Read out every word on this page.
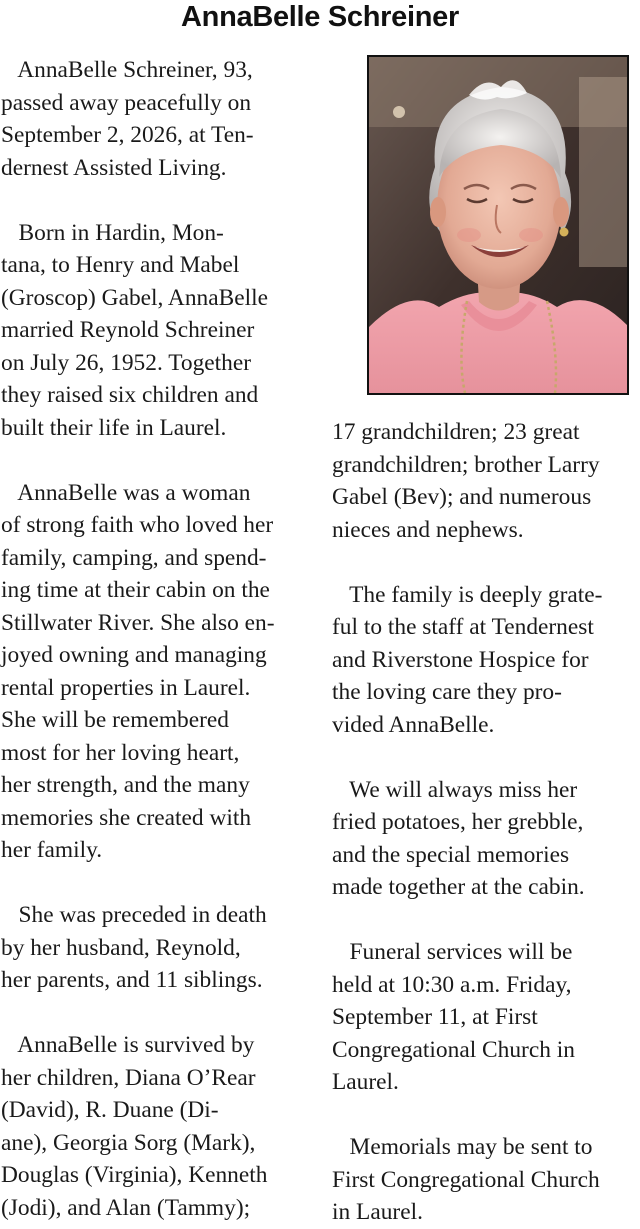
AnnaBelle Schreiner
AnnaBelle Schreiner, 93,
passed away peacefully on
September 2, 2026, at Ten-
dernest Assisted Living.
Born in Hardin, Mon-
tana, to Henry and Mabel
(Groscop) Gabel, AnnaBelle
married Reynold Schreiner
on July 26, 1952. Together
they raised six children and
built their life in Laurel.
AnnaBelle was a woman
of strong faith who loved her
family, camping, and spend-
ing time at their cabin on the
Stillwater River. She also en-
joyed owning and managing
rental properties in Laurel.
She will be remembered
most for her loving heart,
her strength, and the many
memories she created with
her family.
She was preceded in death
by her husband, Reynold,
her parents, and 11 siblings.
AnnaBelle is survived by
her children, Diana O’Rear
(David), R. Duane (Di-
ane), Georgia Sorg (Mark),
Douglas (Virginia), Kenneth
(Jodi), and Alan (Tammy);
17 grandchildren; 23 great
grandchildren; brother Larry
Gabel (Bev); and numerous
nieces and nephews.
The family is deeply grate-
ful to the staff at Tendernest
and Riverstone Hospice for
the loving care they pro-
vided AnnaBelle.
We will always miss her
fried potatoes, her grebble,
and the special memories
made together at the cabin.
Funeral services will be
held at 10:30 a.m. Friday,
September 11, at First
Congregational Church in
Laurel.
Memorials may be sent to
First Congregational Church
in Laurel.
